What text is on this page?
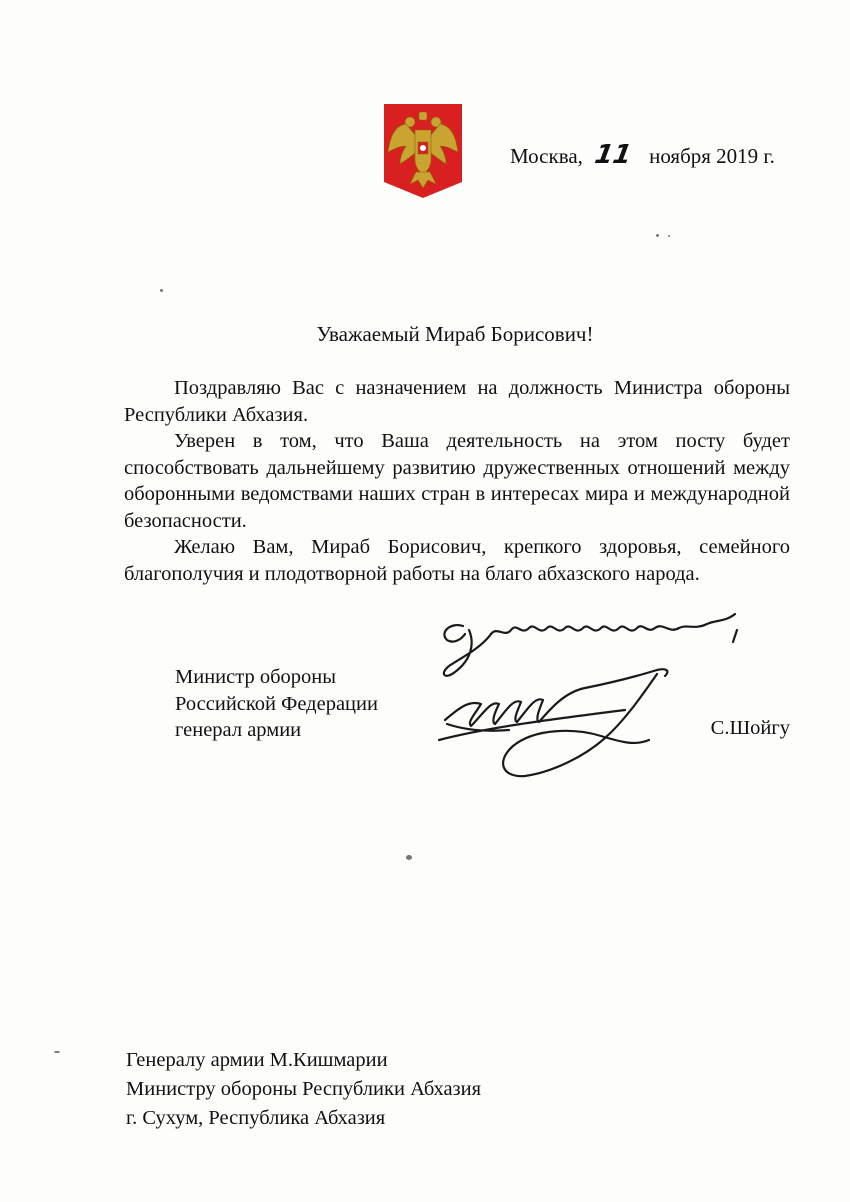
Москва, 11 ноября 2019 г.
Уважаемый Мираб Борисович!

Поздравляю Вас с назначением на должность Министра обороны Республики Абхазия.

Уверен в том, что Ваша деятельность на этом посту будет способствовать дальнейшему развитию дружественных отношений между оборонными ведомствами наших стран в интересах мира и международной безопасности.

Желаю Вам, Мираб Борисович, крепкого здоровья, семейного благополучия и плодотворной работы на благо абхазского народа.

Министр обороны
Российской Федерации
генерал армии	С.Шойгу
Генералу армии М.Кишмарии
Министру обороны Республики Абхазия
г. Сухум, Республика Абхазия
